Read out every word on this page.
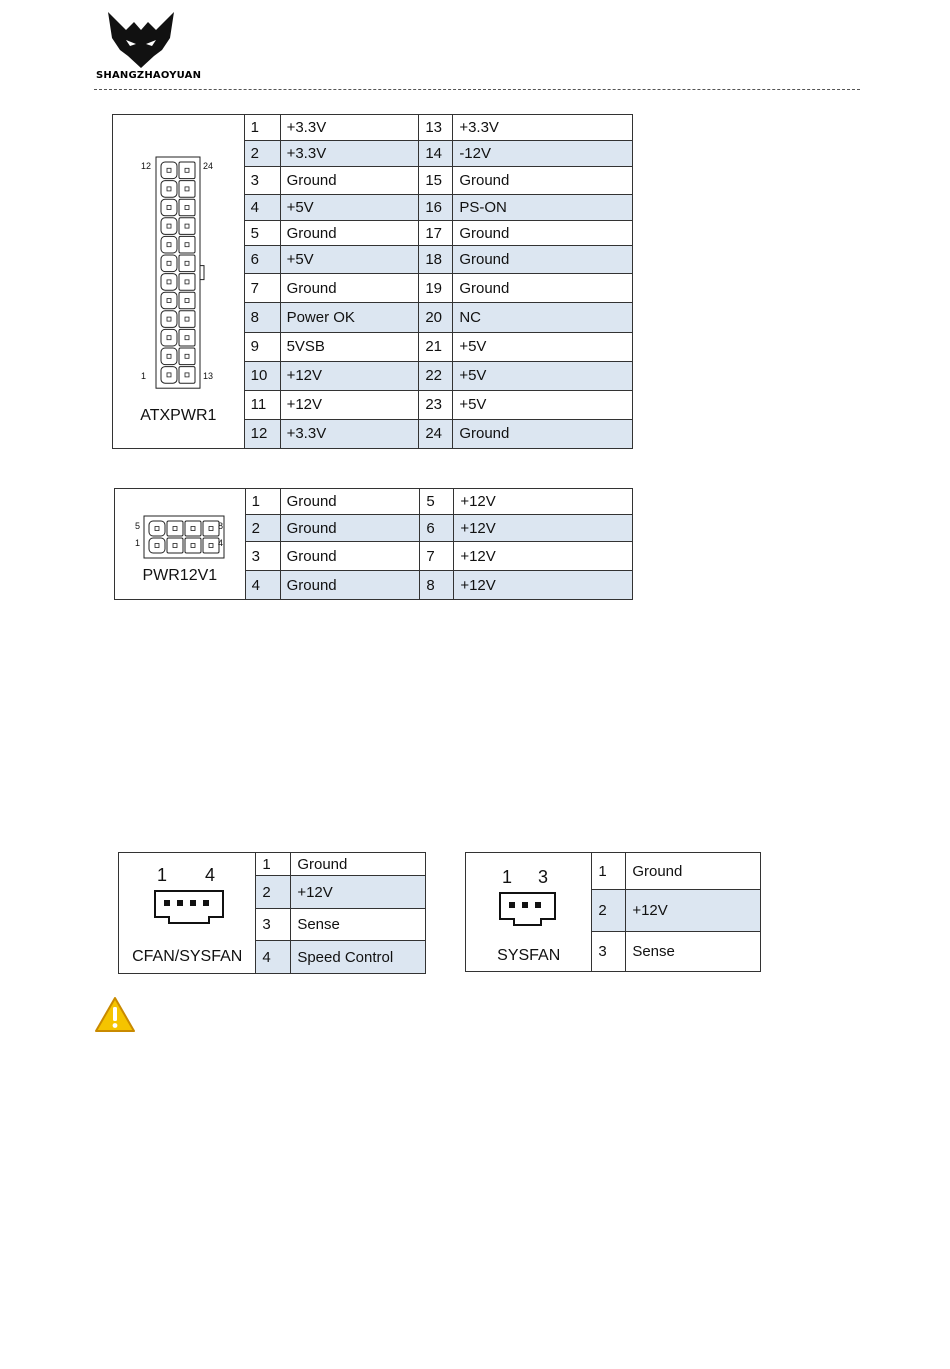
SHANGZHAOYUAN
12 24
1 13
ATXPWR1	1	+3.3V	13	+3.3V
	2	+3.3V	14	-12V
	3	Ground	15	Ground
	4	+5V	16	PS-ON
	5	Ground	17	Ground
	6	+5V	18	Ground
	7	Ground	19	Ground
	8	Power OK	20	NC
	9	5VSB	21	+5V
	10	+12V	22	+5V
	11	+12V	23	+5V
	12	+3.3V	24	Ground
5 8
1 4
PWR12V1	1	Ground	5	+12V
	2	Ground	6	+12V
	3	Ground	7	+12V
	4	Ground	8	+12V
1 4
CFAN/SYSFAN	1	Ground
	2	+12V
	3	Sense
	4	Speed Control
1 3
SYSFAN	1	Ground
	2	+12V
	3	Sense
